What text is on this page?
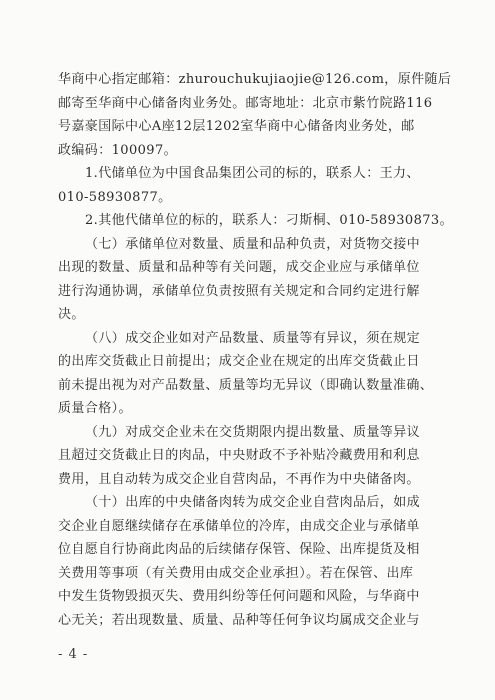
华商中心指定邮箱：zhurouchukujiaojie@126.com，原件随后
邮寄至华商中心储备肉业务处。邮寄地址：北京市紫竹院路116
号嘉豪国际中心A座12层1202室华商中心储备肉业务处，邮
政编码：100097。
1.代储单位为中国食品集团公司的标的，联系人：王力、
010-58930877。
2.其他代储单位的标的，联系人：刁斯桐、010-58930873。
（七）承储单位对数量、质量和品种负责，对货物交接中
出现的数量、质量和品种等有关问题，成交企业应与承储单位
进行沟通协调，承储单位负责按照有关规定和合同约定进行解
决。
（八）成交企业如对产品数量、质量等有异议，须在规定
的出库交货截止日前提出；成交企业在规定的出库交货截止日
前未提出视为对产品数量、质量等均无异议（即确认数量准确、
质量合格）。
（九）对成交企业未在交货期限内提出数量、质量等异议
且超过交货截止日的肉品，中央财政不予补贴冷藏费用和利息
费用，且自动转为成交企业自营肉品，不再作为中央储备肉。
（十）出库的中央储备肉转为成交企业自营肉品后，如成
交企业自愿继续储存在承储单位的冷库，由成交企业与承储单
位自愿自行协商此肉品的后续储存保管、保险、出库提货及相
关费用等事项（有关费用由成交企业承担）。若在保管、出库
中发生货物毁损灭失、费用纠纷等任何问题和风险，与华商中
心无关；若出现数量、质量、品种等任何争议均属成交企业与
- 4 -
